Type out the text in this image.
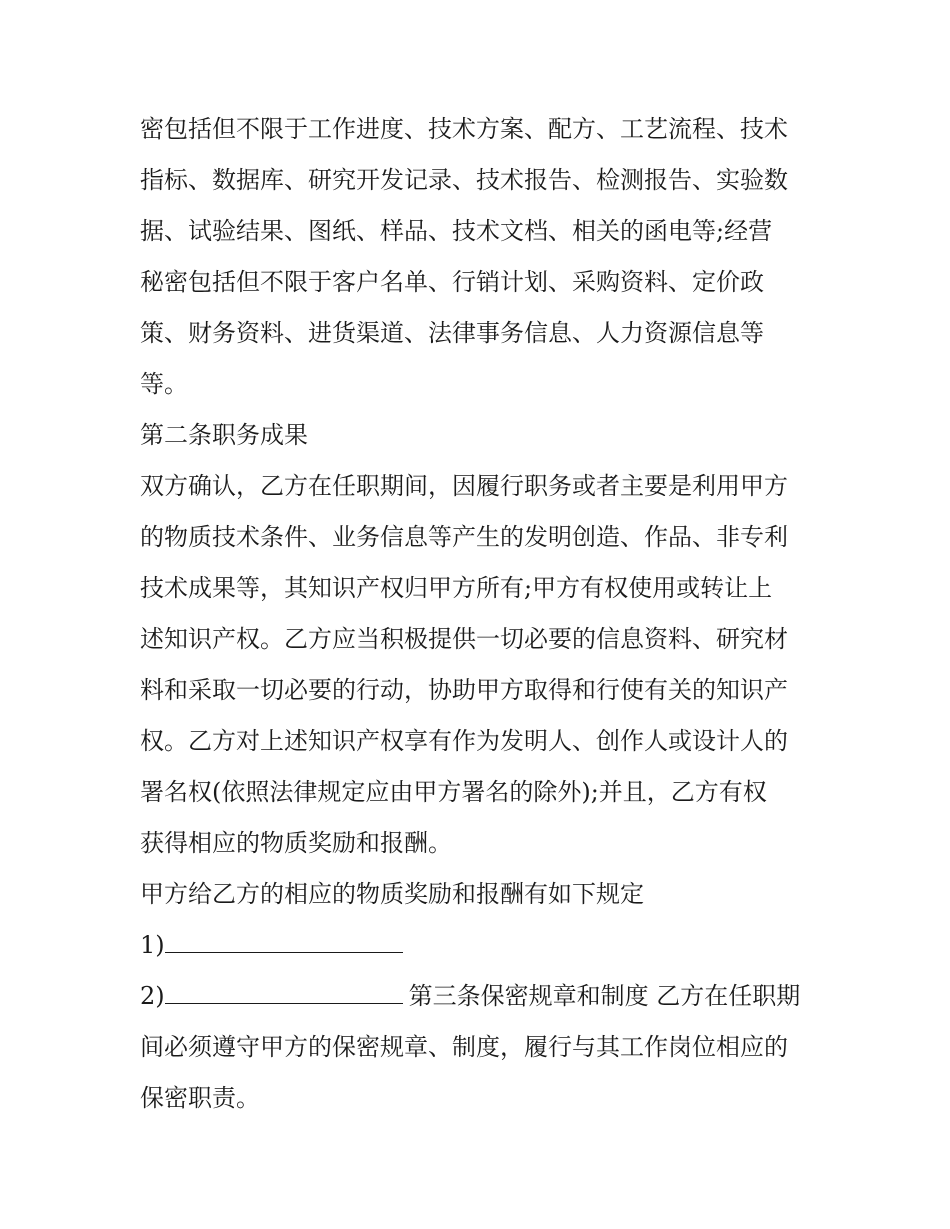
密包括但不限于工作进度、技术方案、配方、工艺流程、技术
指标、数据库、研究开发记录、技术报告、检测报告、实验数
据、试验结果、图纸、样品、技术文档、相关的函电等;经营
秘密包括但不限于客户名单、行销计划、采购资料、定价政
策、财务资料、进货渠道、法律事务信息、人力资源信息等
等。
第二条职务成果
双方确认，乙方在任职期间，因履行职务或者主要是利用甲方
的物质技术条件、业务信息等产生的发明创造、作品、非专利
技术成果等，其知识产权归甲方所有;甲方有权使用或转让上
述知识产权。乙方应当积极提供一切必要的信息资料、研究材
料和采取一切必要的行动，协助甲方取得和行使有关的知识产
权。乙方对上述知识产权享有作为发明人、创作人或设计人的
署名权(依照法律规定应由甲方署名的除外);并且，乙方有权
获得相应的物质奖励和报酬。
甲方给乙方的相应的物质奖励和报酬有如下规定
1)
2)	第三条保密规章和制度 乙方在任职期
间必须遵守甲方的保密规章、制度，履行与其工作岗位相应的
保密职责。
